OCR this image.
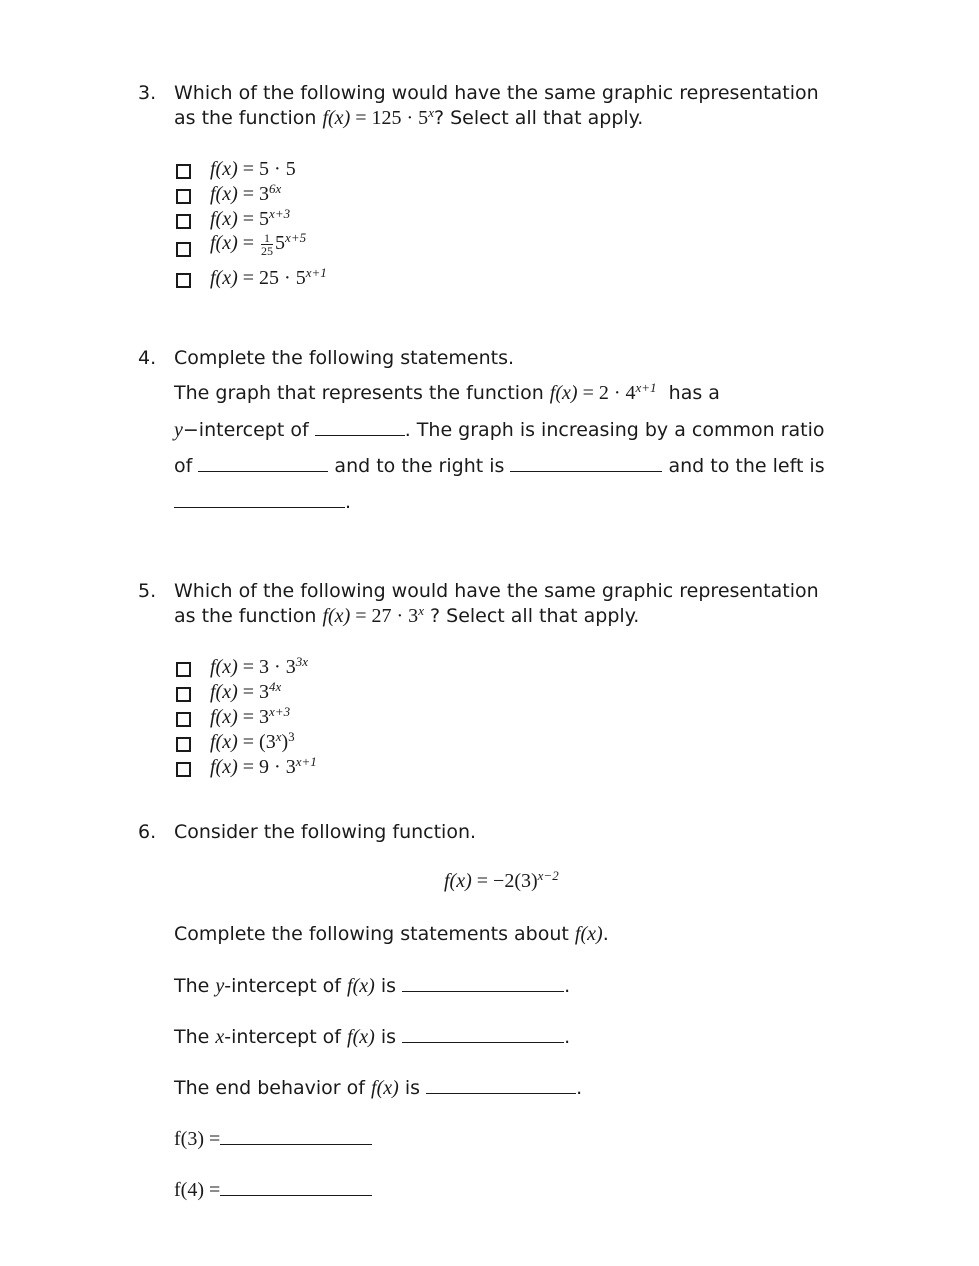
3. Which of the following would have the same graphic representation
as the function $f(x) = 125 \cdot 5^x$? Select all that apply.
f(x) = 5 · 5
$f(x) = 3^{6x}$
$f(x) = 5^{x+3}$
$f(x) = \frac{1}{25} 5^{x+5}$
$f(x) = 25 \cdot 5^{x+1}$
4. Complete the following statements.
The graph that represents the function $f(x) = 2 \cdot 4^{x+1}$ has a
y−intercept of	. The graph is increasing by a common ratio
of	and to the right is	and to the left is
.
5. Which of the following would have the same graphic representation
as the function $f(x) = 27 \cdot 3^x$ ? Select all that apply.
$f(x) = 3 \cdot 3^{3x}$
$f(x) = 3^{4x}$
$f(x) = 3^{x+3}$
$f(x) = (3^x)^3$
$f(x) = 9 \cdot 3^{x+1}$
6. Consider the following function.
$f(x) = -2(3)^{x-2}$
Complete the following statements about f(x).
The y-intercept of f(x) is	.
The x-intercept of f(x) is	.
The end behavior of f(x) is	.
f(3) =
f(4) =
